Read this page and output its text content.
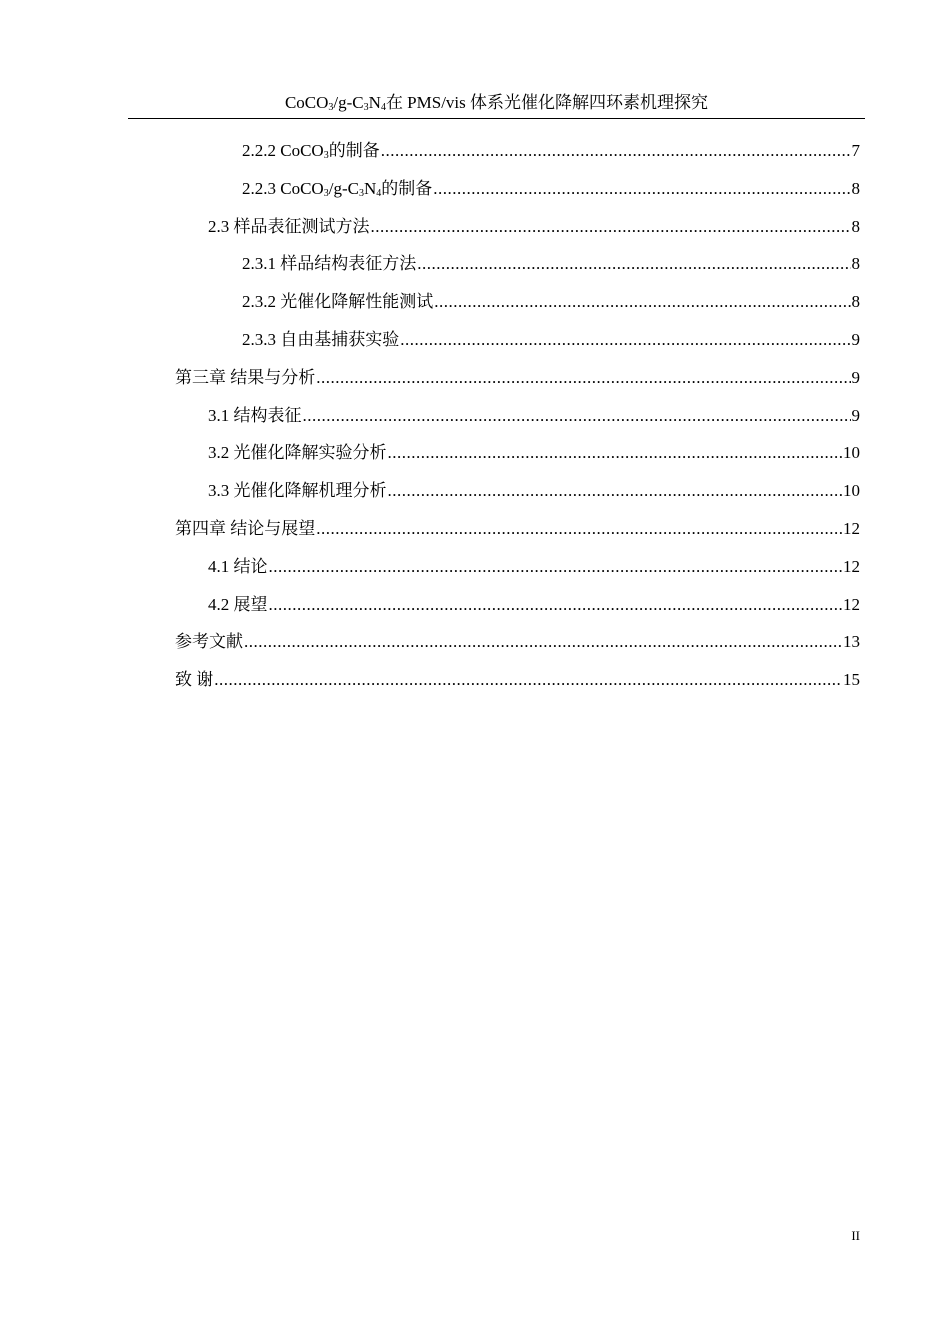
CoCO3/g-C3N4在 PMS/vis 体系光催化降解四环素机理探究
2.2.2 CoCO3的制备 .....	7
2.2.3 CoCO3/g-C3N4的制备 .....	8
2.3 样品表征测试方法 .....	8
2.3.1 样品结构表征方法 .....	8
2.3.2 光催化降解性能测试 .....	8
2.3.3 自由基捕获实验 .....	9
第三章 结果与分析 .....	9
3.1 结构表征 .....	9
3.2 光催化降解实验分析 .....	10
3.3 光催化降解机理分析 .....	10
第四章 结论与展望 .....	12
4.1 结论 .....	12
4.2 展望 .....	12
参考文献 .....	13
致 谢 .....	15
II
